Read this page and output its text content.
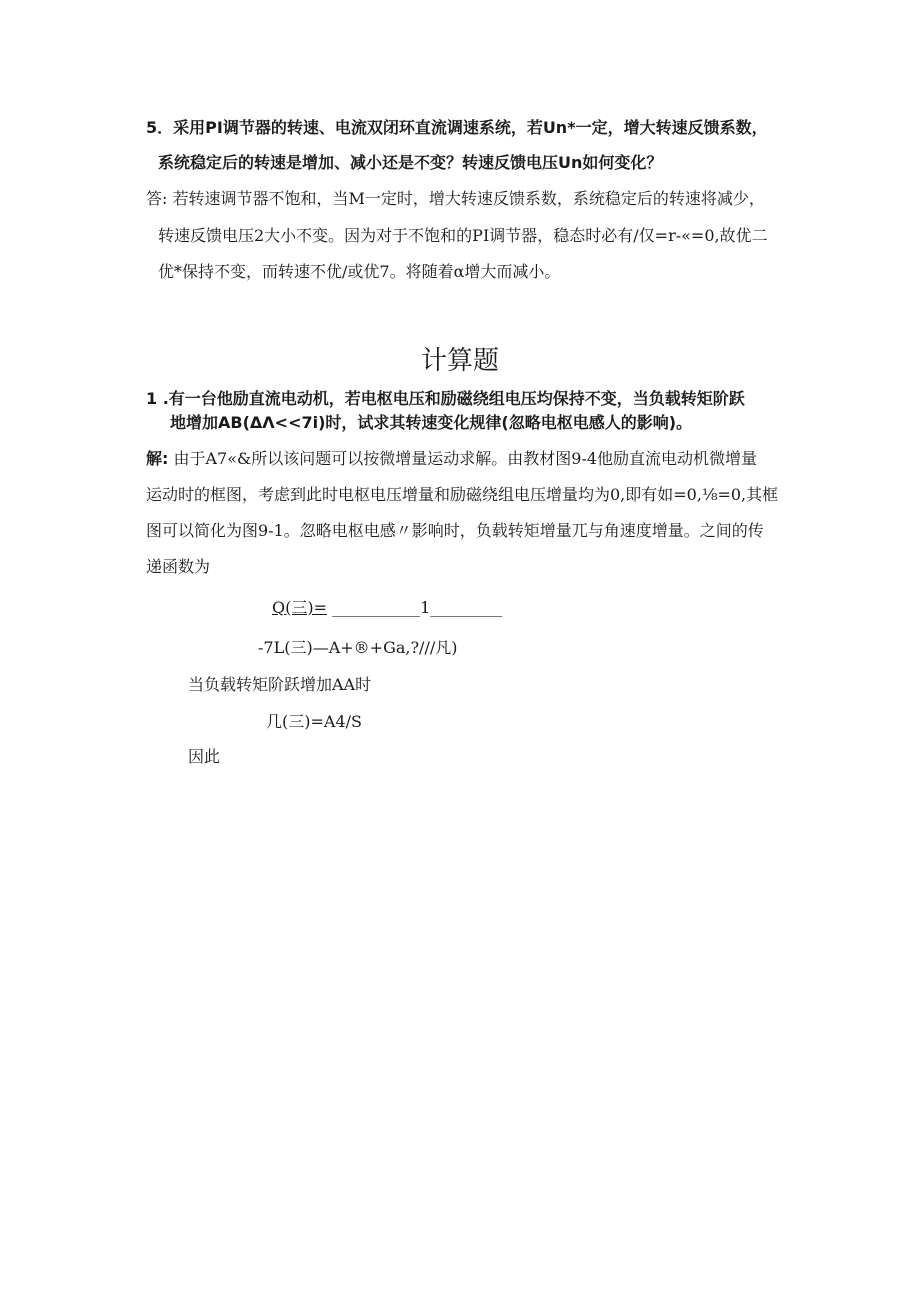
5．采用PI调节器的转速、电流双闭环直流调速系统，若Un*一定，增大转速反馈系数，
系统稳定后的转速是增加、减小还是不变？转速反馈电压Un如何变化？
答: 若转速调节器不饱和，当M一定时，增大转速反馈系数，系统稳定后的转速将减少，
转速反馈电压2大小不变。因为对于不饱和的PI调节器，稳态时必有/仅=r-«=0,故优二
优*保持不变，而转速不优/或优7。将随着α增大而减小。
计算题
1 .有一台他励直流电动机，若电枢电压和励磁绕组电压均保持不变，当负载转矩阶跃
地增加AB(ΔΛ<<7i)时，试求其转速变化规律(忽略电枢电感人的影响)。
解: 由于A7«&所以该问题可以按微增量运动求解。由教材图9-4他励直流电动机微增量
运动时的框图，考虑到此时电枢电压增量和励磁绕组电压增量均为0,即有如=0,⅛=0,其框
图可以简化为图9-1。忽略电枢电感〃影响时，负载转矩增量兀与角速度增量。之间的传
递函数为
Q(三)= ___________1_________
-7L(三)—A+®+Ga,?///凡)
当负载转矩阶跃增加AA时
几(三)=A4/S
因此
